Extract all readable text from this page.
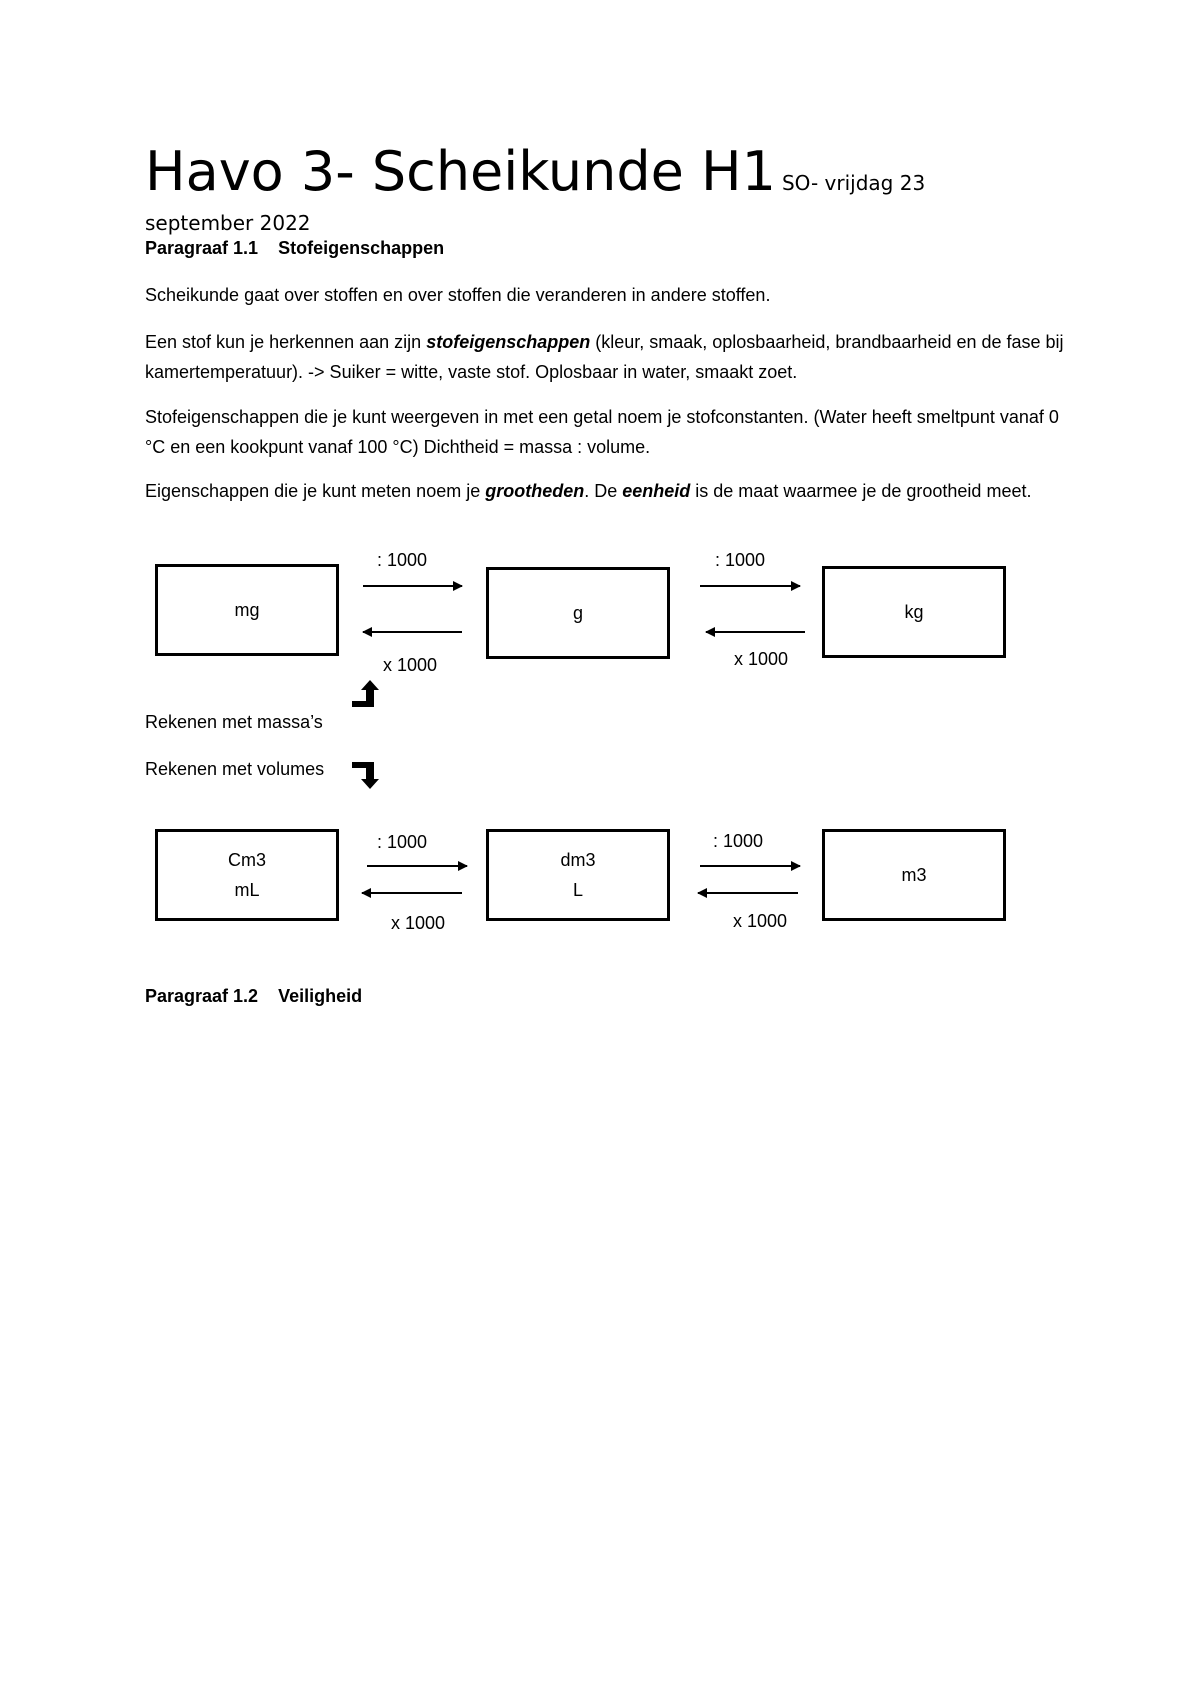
Havo 3- Scheikunde H1 SO- vrijdag 23
september 2022
Paragraaf 1.1 Stofeigenschappen
Scheikunde gaat over stoffen en over stoffen die veranderen in andere stoffen.
Een stof kun je herkennen aan zijn stofeigenschappen (kleur, smaak, oplosbaarheid, brandbaarheid en de fase bij kamertemperatuur). -> Suiker = witte, vaste stof. Oplosbaar in water, smaakt zoet.
Stofeigenschappen die je kunt weergeven in met een getal noem je stofconstanten. (Water heeft smeltpunt vanaf 0 °C en een kookpunt vanaf 100 °C) Dichtheid = massa : volume.
Eigenschappen die je kunt meten noem je grootheden. De eenheid is de maat waarmee je de grootheid meet.
mg	g	kg
: 1000	: 1000
x 1000	x 1000
Rekenen met massa’s
Rekenen met volumes
Cm3
mL
dm3
L
m3
: 1000	: 1000
x 1000	x 1000
Paragraaf 1.2 Veiligheid
